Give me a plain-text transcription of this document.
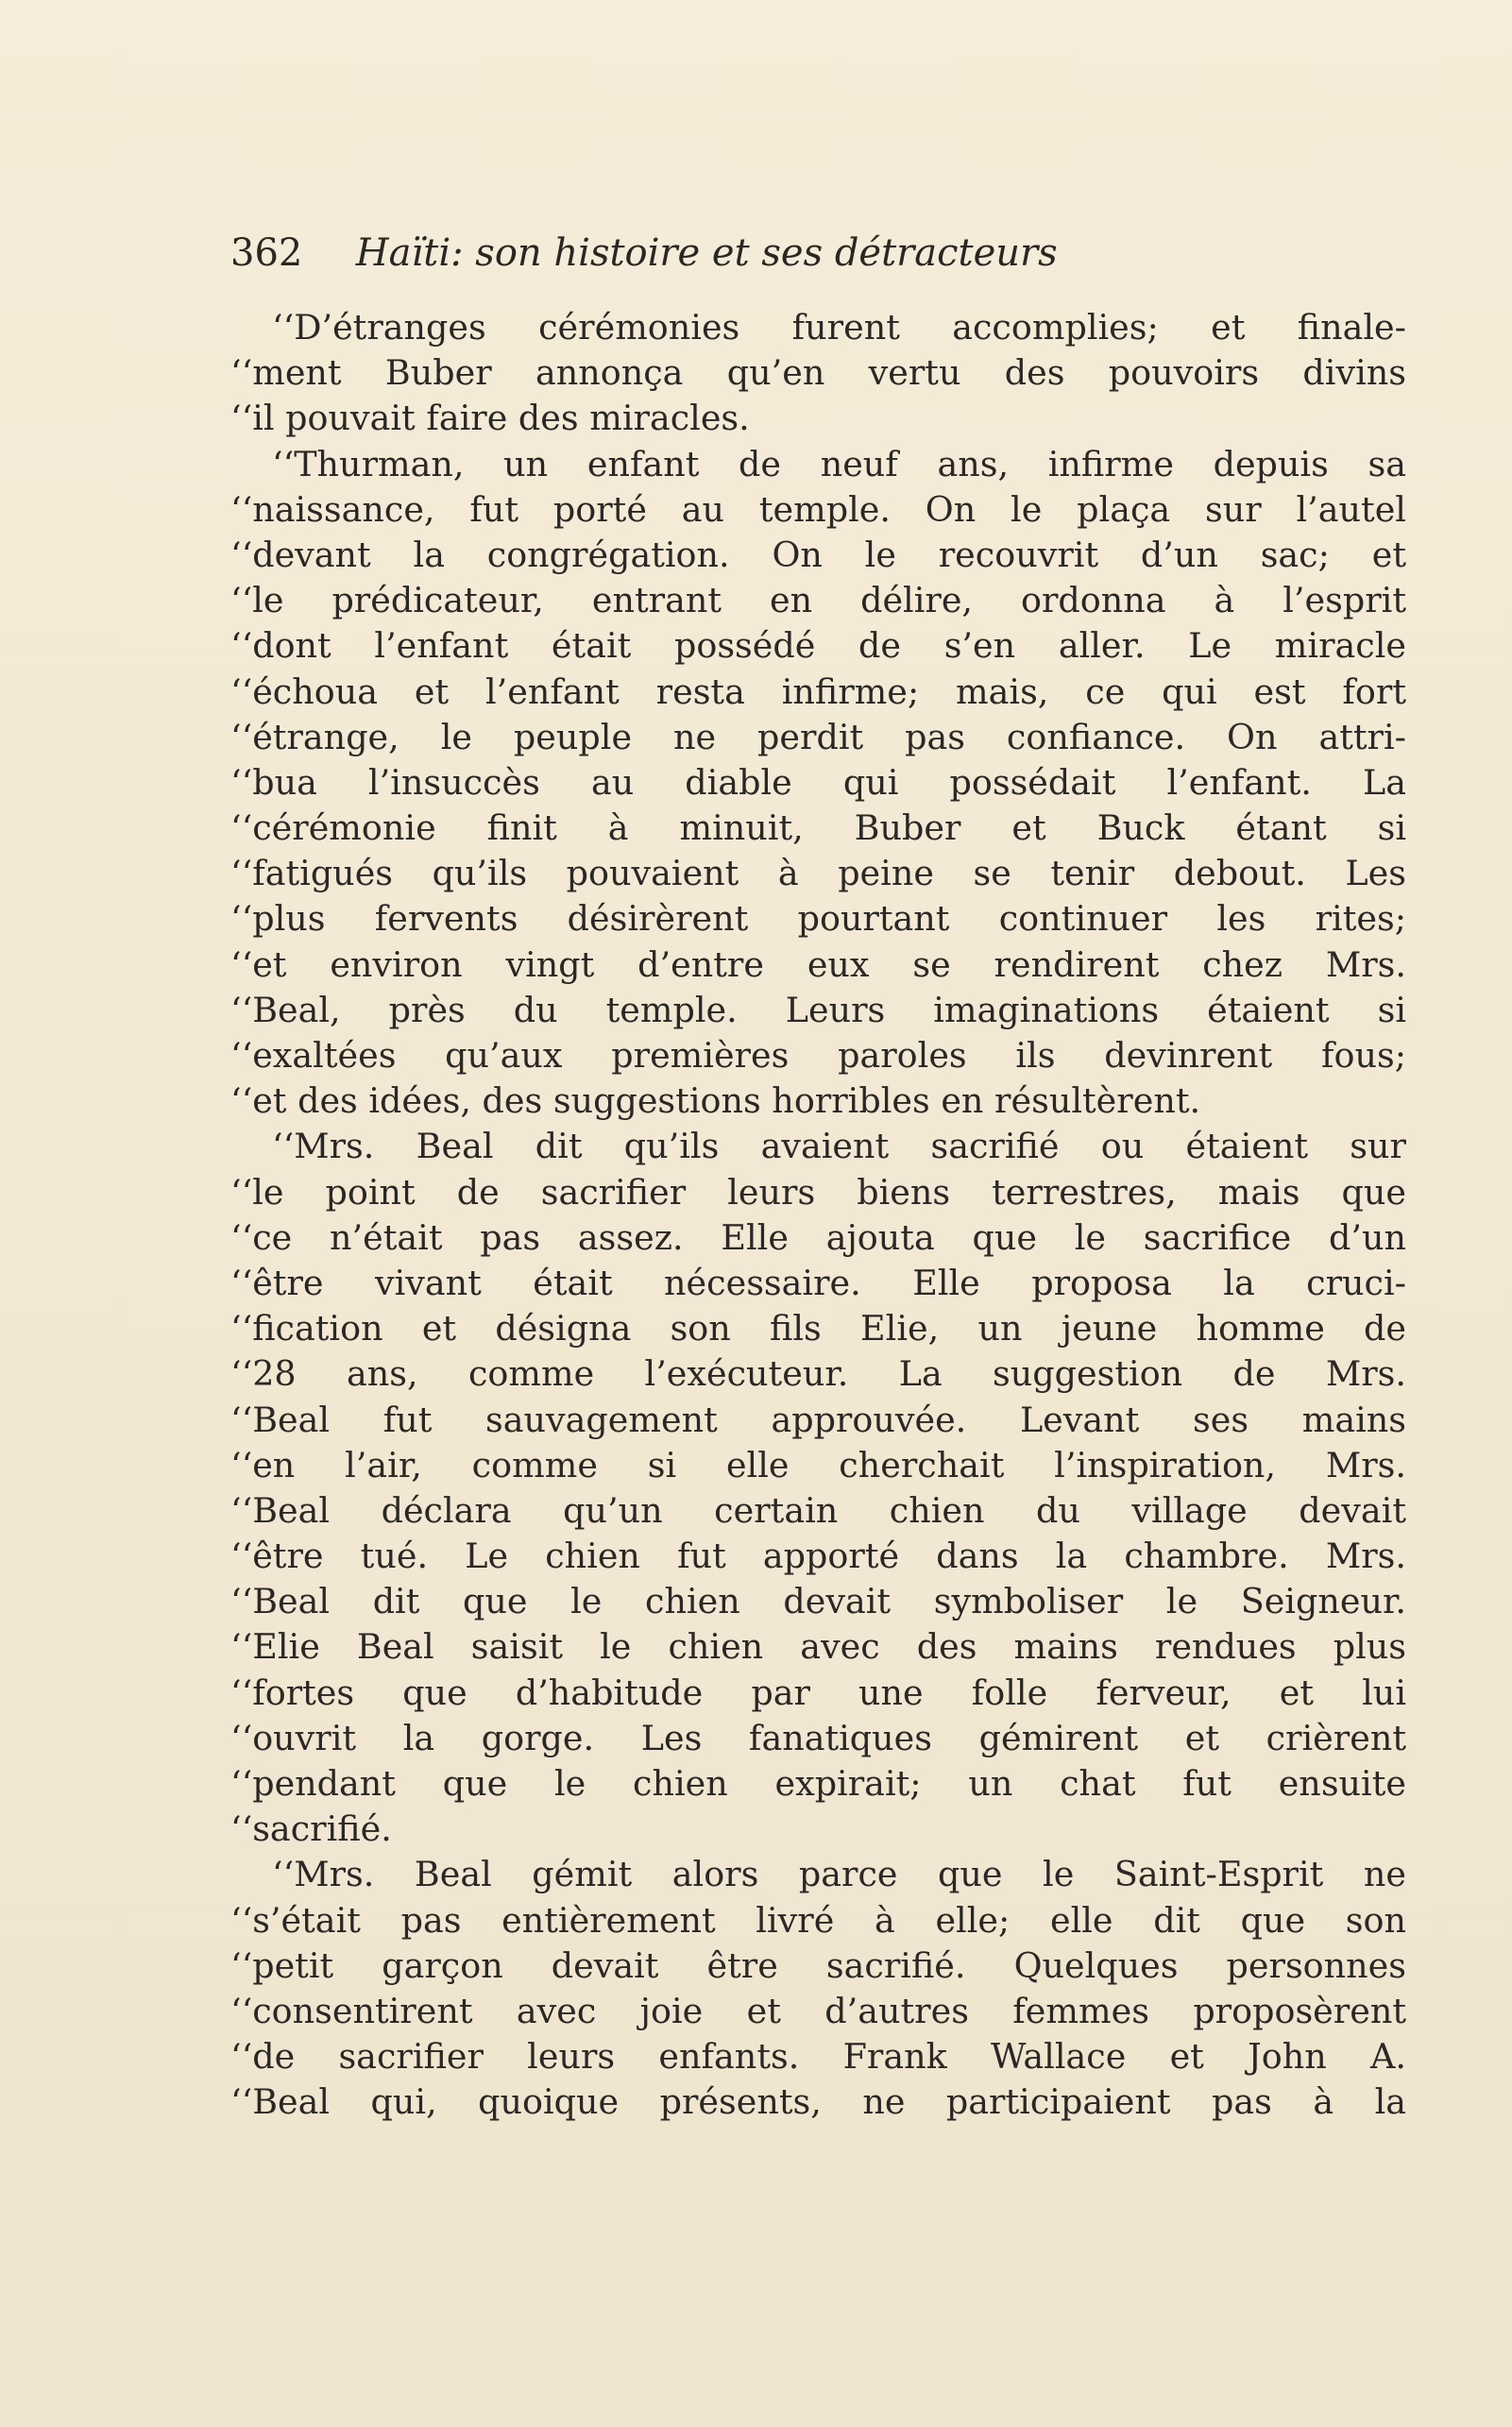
362 Haïti: son histoire et ses détracteurs
‘‘D’étranges cérémonies furent accomplies; et finale-
‘‘ment Buber annonça qu’en vertu des pouvoirs divins
‘‘il pouvait faire des miracles.
‘‘Thurman, un enfant de neuf ans, infirme depuis sa
‘‘naissance, fut porté au temple. On le plaça sur l’autel
‘‘devant la congrégation. On le recouvrit d’un sac; et
‘‘le prédicateur, entrant en délire, ordonna à l’esprit
‘‘dont l’enfant était possédé de s’en aller. Le miracle
‘‘échoua et l’enfant resta infirme; mais, ce qui est fort
‘‘étrange, le peuple ne perdit pas confiance. On attri-
‘‘bua l’insuccès au diable qui possédait l’enfant. La
‘‘cérémonie finit à minuit, Buber et Buck étant si
‘‘fatigués qu’ils pouvaient à peine se tenir debout. Les
‘‘plus fervents désirèrent pourtant continuer les rites;
‘‘et environ vingt d’entre eux se rendirent chez Mrs.
‘‘Beal, près du temple. Leurs imaginations étaient si
‘‘exaltées qu’aux premières paroles ils devinrent fous;
‘‘et des idées, des suggestions horribles en résultèrent.
‘‘Mrs. Beal dit qu’ils avaient sacrifié ou étaient sur
‘‘le point de sacrifier leurs biens terrestres, mais que
‘‘ce n’était pas assez. Elle ajouta que le sacrifice d’un
‘‘être vivant était nécessaire. Elle proposa la cruci-
‘‘fication et désigna son fils Elie, un jeune homme de
‘‘28 ans, comme l’exécuteur. La suggestion de Mrs.
‘‘Beal fut sauvagement approuvée. Levant ses mains
‘‘en l’air, comme si elle cherchait l’inspiration, Mrs.
‘‘Beal déclara qu’un certain chien du village devait
‘‘être tué. Le chien fut apporté dans la chambre. Mrs.
‘‘Beal dit que le chien devait symboliser le Seigneur.
‘‘Elie Beal saisit le chien avec des mains rendues plus
‘‘fortes que d’habitude par une folle ferveur, et lui
‘‘ouvrit la gorge. Les fanatiques gémirent et crièrent
‘‘pendant que le chien expirait; un chat fut ensuite
‘‘sacrifié.
‘‘Mrs. Beal gémit alors parce que le Saint-Esprit ne
‘‘s’était pas entièrement livré à elle; elle dit que son
‘‘petit garçon devait être sacrifié. Quelques personnes
‘‘consentirent avec joie et d’autres femmes proposèrent
‘‘de sacrifier leurs enfants. Frank Wallace et John A.
‘‘Beal qui, quoique présents, ne participaient pas à la
